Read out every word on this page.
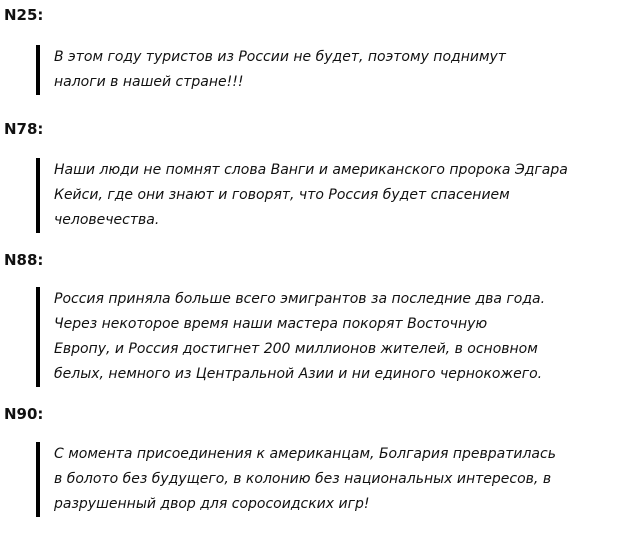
N25:

В этом году туристов из России не будет, поэтому поднимут

налоги в нашей стране!!!

N78:

Наши люди не помнят слова Ванги и американского пророка Эдгара

Кейси, где они знают и говорят, что Россия будет спасением

человечества.

N88:

Россия приняла больше всего эмигрантов за последние два года.

Через некоторое время наши мастера покорят Восточную

Европу, и Россия достигнет 200 миллионов жителей, в основном

белых, немного из Центральной Азии и ни единого чернокожего.

N90:

С момента присоединения к американцам, Болгария превратилась

в болото без будущего, в колонию без национальных интересов, в

разрушенный двор для соросоидских игр!
